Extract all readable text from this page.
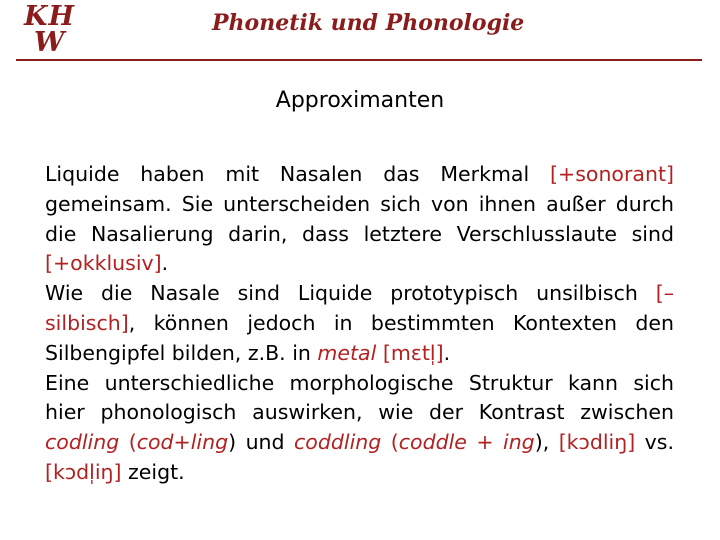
KH
W
Phonetik und Phonologie
Approximanten

Liquide haben mit Nasalen das Merkmal [+sonorant] gemeinsam. Sie unterscheiden sich von ihnen außer durch die Nasalierung darin, dass letztere Verschlusslaute sind [+okklusiv].

Wie die Nasale sind Liquide prototypisch unsilbisch [–silbisch], können jedoch in bestimmten Kontexten den Silbengipfel bilden, z.B. in metal [mɛtl̩].

Eine unterschiedliche morphologische Struktur kann sich hier phonologisch auswirken, wie der Kontrast zwischen codling (cod+ling) und coddling (coddle + ing), [kɔdliŋ] vs. [kɔdl̩iŋ] zeigt.
